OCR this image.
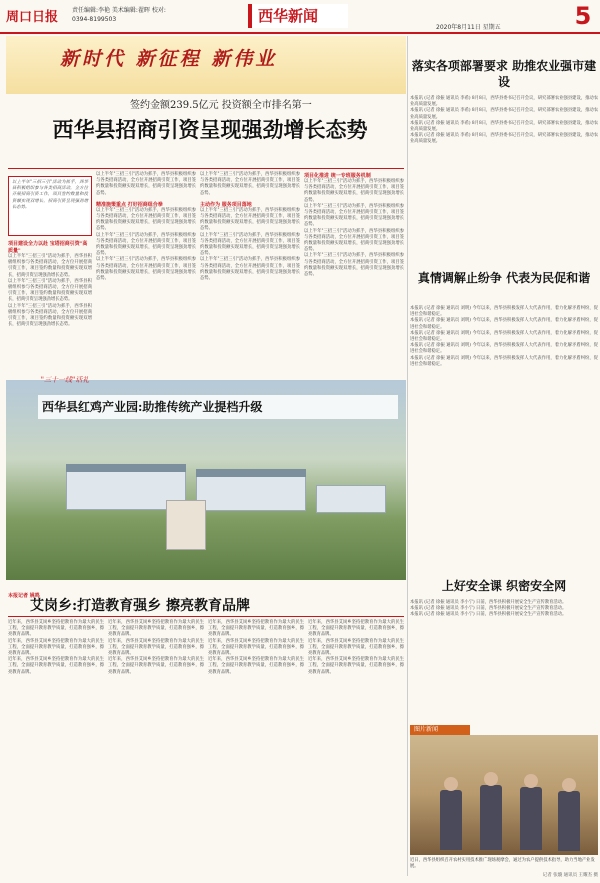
周口日报 责任编辑:李艳 美术编辑:翟晖 校对:
0394-8199503	西华新闻
2020年8月11日 星期五	5
新时代 新征程 新伟业
签约金额239.5亿元 投资额全市排名第一
西华县招商引资呈现强劲增长态势
以上半年"三招三引"活动为抓手，西华县积极组织参与各类招商活动，全方位开展招商引资工作，项目签约数量和投资额实现双增长，招商引资呈现强劲增长态势。
项目建设全力以赴 宝塔招商引资"高质量"
以上半年"三招三引"活动为抓手，西华县积极组织参与各类招商活动，全方位开展招商引资工作，项目签约数量和投资额实现双增长，招商引资呈现强劲增长态势。
以上半年"三招三引"活动为抓手，西华县积极组织参与各类招商活动，全方位开展招商引资工作，项目签约数量和投资额实现双增长，招商引资呈现强劲增长态势。
以上半年"三招三引"活动为抓手，西华县积极组织参与各类招商活动，全方位开展招商引资工作，项目签约数量和投资额实现双增长，招商引资呈现强劲增长态势。
以上半年"三招三引"活动为抓手，西华县积极组织参与各类招商活动，全方位开展招商引资工作，项目签约数量和投资额实现双增长，招商引资呈现强劲增长态势。
精准施策重点 打好招商组合拳
以上半年"三招三引"活动为抓手，西华县积极组织参与各类招商活动，全方位开展招商引资工作，项目签约数量和投资额实现双增长，招商引资呈现强劲增长态势。
以上半年"三招三引"活动为抓手，西华县积极组织参与各类招商活动，全方位开展招商引资工作，项目签约数量和投资额实现双增长，招商引资呈现强劲增长态势。
以上半年"三招三引"活动为抓手，西华县积极组织参与各类招商活动，全方位开展招商引资工作，项目签约数量和投资额实现双增长，招商引资呈现强劲增长态势。
以上半年"三招三引"活动为抓手，西华县积极组织参与各类招商活动，全方位开展招商引资工作，项目签约数量和投资额实现双增长，招商引资呈现强劲增长态势。
主动作为 服务项目落地
以上半年"三招三引"活动为抓手，西华县积极组织参与各类招商活动，全方位开展招商引资工作，项目签约数量和投资额实现双增长，招商引资呈现强劲增长态势。
以上半年"三招三引"活动为抓手，西华县积极组织参与各类招商活动，全方位开展招商引资工作，项目签约数量和投资额实现双增长，招商引资呈现强劲增长态势。
以上半年"三招三引"活动为抓手，西华县积极组织参与各类招商活动，全方位开展招商引资工作，项目签约数量和投资额实现双增长，招商引资呈现强劲增长态势。
项目化推进 统一专班服务机制
以上半年"三招三引"活动为抓手，西华县积极组织参与各类招商活动，全方位开展招商引资工作，项目签约数量和投资额实现双增长，招商引资呈现强劲增长态势。
以上半年"三招三引"活动为抓手，西华县积极组织参与各类招商活动，全方位开展招商引资工作，项目签约数量和投资额实现双增长，招商引资呈现强劲增长态势。
以上半年"三招三引"活动为抓手，西华县积极组织参与各类招商活动，全方位开展招商引资工作，项目签约数量和投资额实现双增长，招商引资呈现强劲增长态势。
以上半年"三招三引"活动为抓手，西华县积极组织参与各类招商活动，全方位开展招商引资工作，项目签约数量和投资额实现双增长，招商引资呈现强劲增长态势。
"三十一线"话礼
西华县红鸡产业园:助推传统产业提档升级
本报记者 姚鸣
艾岗乡:打造教育强乡 擦亮教育品牌
近年来，西华县艾岗乡坚持把教育作为最大的民生工程，全面提升教育教学质量，打造教育强乡，擦亮教育品牌。
近年来，西华县艾岗乡坚持把教育作为最大的民生工程，全面提升教育教学质量，打造教育强乡，擦亮教育品牌。
近年来，西华县艾岗乡坚持把教育作为最大的民生工程，全面提升教育教学质量，打造教育强乡，擦亮教育品牌。
近年来，西华县艾岗乡坚持把教育作为最大的民生工程，全面提升教育教学质量，打造教育强乡，擦亮教育品牌。
近年来，西华县艾岗乡坚持把教育作为最大的民生工程，全面提升教育教学质量，打造教育强乡，擦亮教育品牌。
近年来，西华县艾岗乡坚持把教育作为最大的民生工程，全面提升教育教学质量，打造教育强乡，擦亮教育品牌。
近年来，西华县艾岗乡坚持把教育作为最大的民生工程，全面提升教育教学质量，打造教育强乡，擦亮教育品牌。
近年来，西华县艾岗乡坚持把教育作为最大的民生工程，全面提升教育教学质量，打造教育强乡，擦亮教育品牌。
近年来，西华县艾岗乡坚持把教育作为最大的民生工程，全面提升教育教学质量，打造教育强乡，擦亮教育品牌。
近年来，西华县艾岗乡坚持把教育作为最大的民生工程，全面提升教育教学质量，打造教育强乡，擦亮教育品牌。
近年来，西华县艾岗乡坚持把教育作为最大的民生工程，全面提升教育教学质量，打造教育强乡，擦亮教育品牌。
近年来，西华县艾岗乡坚持把教育作为最大的民生工程，全面提升教育教学质量，打造教育强乡，擦亮教育品牌。
落实各项部署要求 助推农业强市建设
本报讯 (记者 徐振 通讯员 李希) 8月8日，西华县委书记召开会议，研究部署农业强县建设，推动农业高质量发展。
本报讯 (记者 徐振 通讯员 李希) 8月8日，西华县委书记召开会议，研究部署农业强县建设，推动农业高质量发展。
本报讯 (记者 徐振 通讯员 李希) 8月8日，西华县委书记召开会议，研究部署农业强县建设，推动农业高质量发展。
本报讯 (记者 徐振 通讯员 李希) 8月8日，西华县委书记召开会议，研究部署农业强县建设，推动农业高质量发展。
真情调解止纷争 代表为民促和谐
本报讯 (记者 徐振 通讯员 刘明) 今年以来，西华县积极发挥人大代表作用，着力化解矛盾纠纷，促进社会和谐稳定。
本报讯 (记者 徐振 通讯员 刘明) 今年以来，西华县积极发挥人大代表作用，着力化解矛盾纠纷，促进社会和谐稳定。
本报讯 (记者 徐振 通讯员 刘明) 今年以来，西华县积极发挥人大代表作用，着力化解矛盾纠纷，促进社会和谐稳定。
本报讯 (记者 徐振 通讯员 刘明) 今年以来，西华县积极发挥人大代表作用，着力化解矛盾纠纷，促进社会和谐稳定。
本报讯 (记者 徐振 通讯员 刘明) 今年以来，西华县积极发挥人大代表作用，着力化解矛盾纠纷，促进社会和谐稳定。
上好安全课 织密安全网
本报讯 (记者 徐振 通讯员 李小宁) 日前，西华县积极开展安全生产宣传教育活动。
本报讯 (记者 徐振 通讯员 李小宁) 日前，西华县积极开展安全生产宣传教育活动。
本报讯 (记者 徐振 通讯员 李小宁) 日前，西华县积极开展安全生产宣传教育活动。
图片新闻
近日，西华县组织召开农村实用技术推广现场观摩会，通过为农户提供技术指导，助力当地产业发展。
记者 张璇 通讯员 王耀杰 摄
